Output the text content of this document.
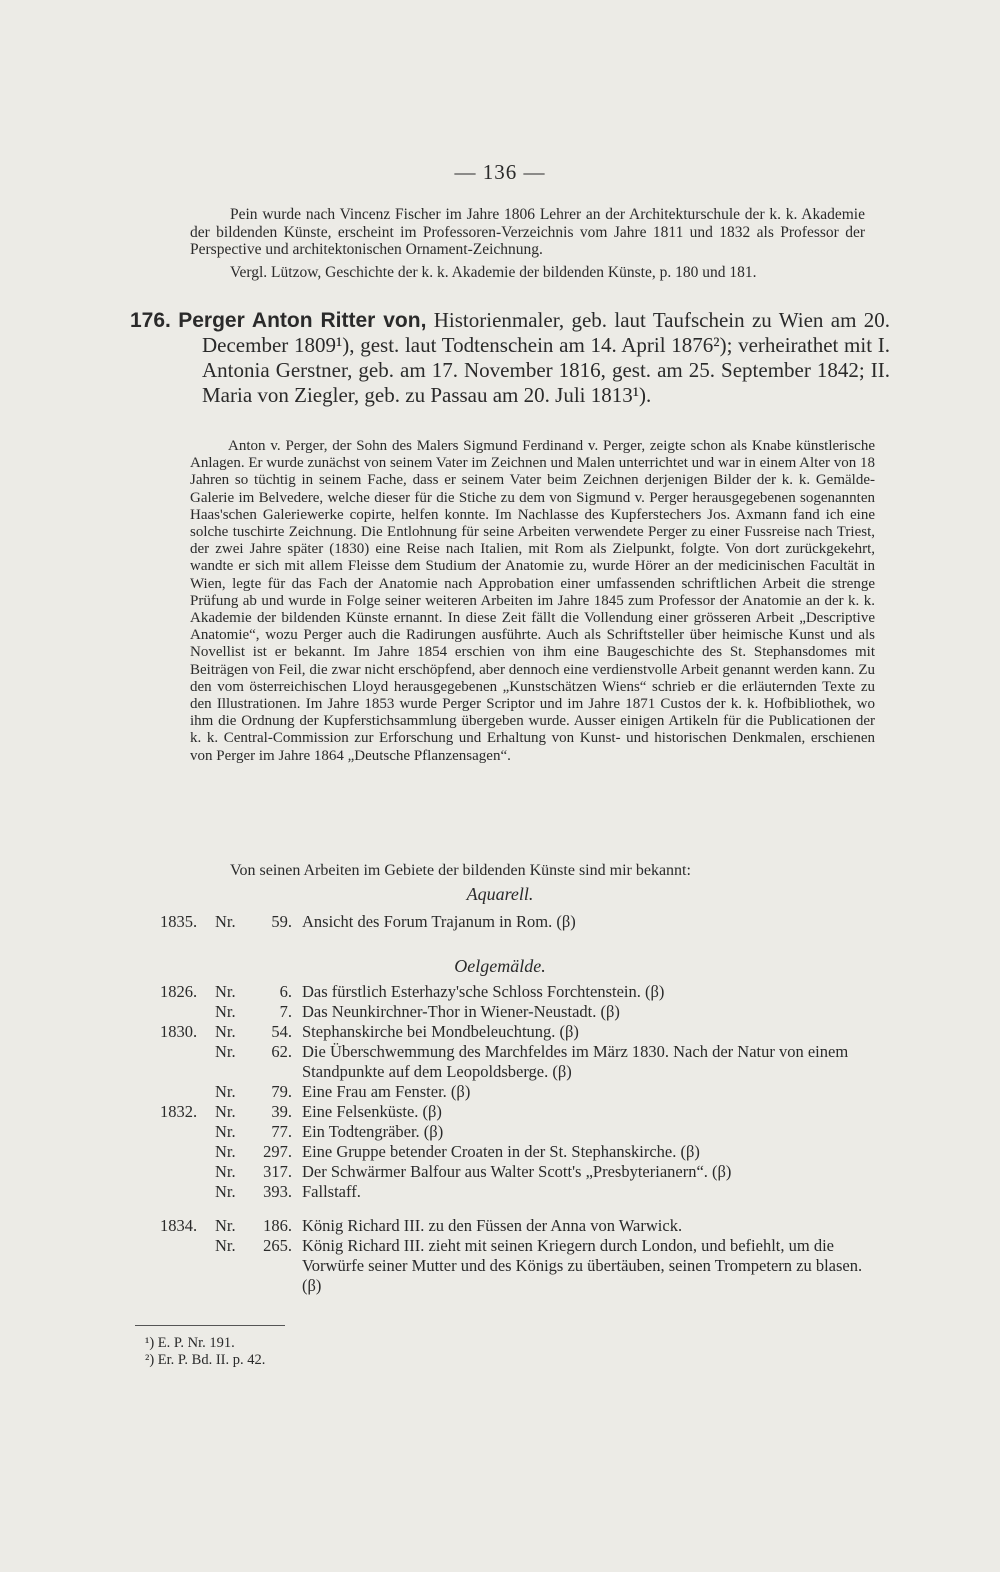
— 136 —

Pein wurde nach Vincenz Fischer im Jahre 1806 Lehrer an der Architekturschule der k. k. Akademie der bildenden Künste, erscheint im Professoren-Verzeichnis vom Jahre 1811 und 1832 als Professor der Perspective und architektonischen Ornament-Zeichnung.

Vergl. Lützow, Geschichte der k. k. Akademie der bildenden Künste, p. 180 und 181.
176. Perger Anton Ritter von, Historienmaler, geb. laut Taufschein zu Wien am 20. December 1809¹), gest. laut Todtenschein am 14. April 1876²); verheirathet mit I. Antonia Gerstner, geb. am 17. November 1816, gest. am 25. September 1842; II. Maria von Ziegler, geb. zu Passau am 20. Juli 1813¹).

Anton v. Perger, der Sohn des Malers Sigmund Ferdinand v. Perger, zeigte schon als Knabe künstlerische Anlagen. Er wurde zunächst von seinem Vater im Zeichnen und Malen unterrichtet und war in einem Alter von 18 Jahren so tüchtig in seinem Fache, dass er seinem Vater beim Zeichnen derjenigen Bilder der k. k. Gemälde-Galerie im Belvedere, welche dieser für die Stiche zu dem von Sigmund v. Perger herausgegebenen sogenannten Haas'schen Galeriewerke copirte, helfen konnte. Im Nachlasse des Kupferstechers Jos. Axmann fand ich eine solche tuschirte Zeichnung. Die Entlohnung für seine Arbeiten verwendete Perger zu einer Fussreise nach Triest, der zwei Jahre später (1830) eine Reise nach Italien, mit Rom als Zielpunkt, folgte. Von dort zurückgekehrt, wandte er sich mit allem Fleisse dem Studium der Anatomie zu, wurde Hörer an der medicinischen Facultät in Wien, legte für das Fach der Anatomie nach Approbation einer umfassenden schriftlichen Arbeit die strenge Prüfung ab und wurde in Folge seiner weiteren Arbeiten im Jahre 1845 zum Professor der Anatomie an der k. k. Akademie der bildenden Künste ernannt. In diese Zeit fällt die Vollendung einer grösseren Arbeit „Descriptive Anatomie“, wozu Perger auch die Radirungen ausführte. Auch als Schriftsteller über heimische Kunst und als Novellist ist er bekannt. Im Jahre 1854 erschien von ihm eine Baugeschichte des St. Stephansdomes mit Beiträgen von Feil, die zwar nicht erschöpfend, aber dennoch eine verdienstvolle Arbeit genannt werden kann. Zu den vom österreichischen Lloyd herausgegebenen „Kunstschätzen Wiens“ schrieb er die erläuternden Texte zu den Illustrationen. Im Jahre 1853 wurde Perger Scriptor und im Jahre 1871 Custos der k. k. Hofbibliothek, wo ihm die Ordnung der Kupferstichsammlung übergeben wurde. Ausser einigen Artikeln für die Publicationen der k. k. Central-Commission zur Erforschung und Erhaltung von Kunst- und historischen Denkmalen, erschienen von Perger im Jahre 1864 „Deutsche Pflanzensagen“.

Von seinen Arbeiten im Gebiete der bildenden Künste sind mir bekannt:
Aquarell.
1835.	Nr.	59. Ansicht des Forum Trajanum in Rom. (β)
Oelgemälde.
1826.	Nr.	6. Das fürstlich Esterhazy'sche Schloss Forchtenstein. (β)
Nr.	7. Das Neunkirchner-Thor in Wiener-Neustadt. (β)
1830.	Nr.	54. Stephanskirche bei Mondbeleuchtung. (β)
Nr.	62. Die Überschwemmung des Marchfeldes im März 1830. Nach der Natur von einem Standpunkte auf dem Leopoldsberge. (β)
Nr.	79. Eine Frau am Fenster. (β)
1832.	Nr.	39. Eine Felsenküste. (β)
Nr.	77. Ein Todtengräber. (β)
Nr.	297. Eine Gruppe betender Croaten in der St. Stephanskirche. (β)
Nr.	317. Der Schwärmer Balfour aus Walter Scott's „Presbyterianern“. (β)
Nr.	393. Fallstaff.
1834.	Nr.	186. König Richard III. zu den Füssen der Anna von Warwick.
Nr.	265. König Richard III. zieht mit seinen Kriegern durch London, und befiehlt, um die Vorwürfe seiner Mutter und des Königs zu übertäuben, seinen Trompetern zu blasen. (β)
¹) E. P. Nr. 191.
²) Er. P. Bd. II. p. 42.
